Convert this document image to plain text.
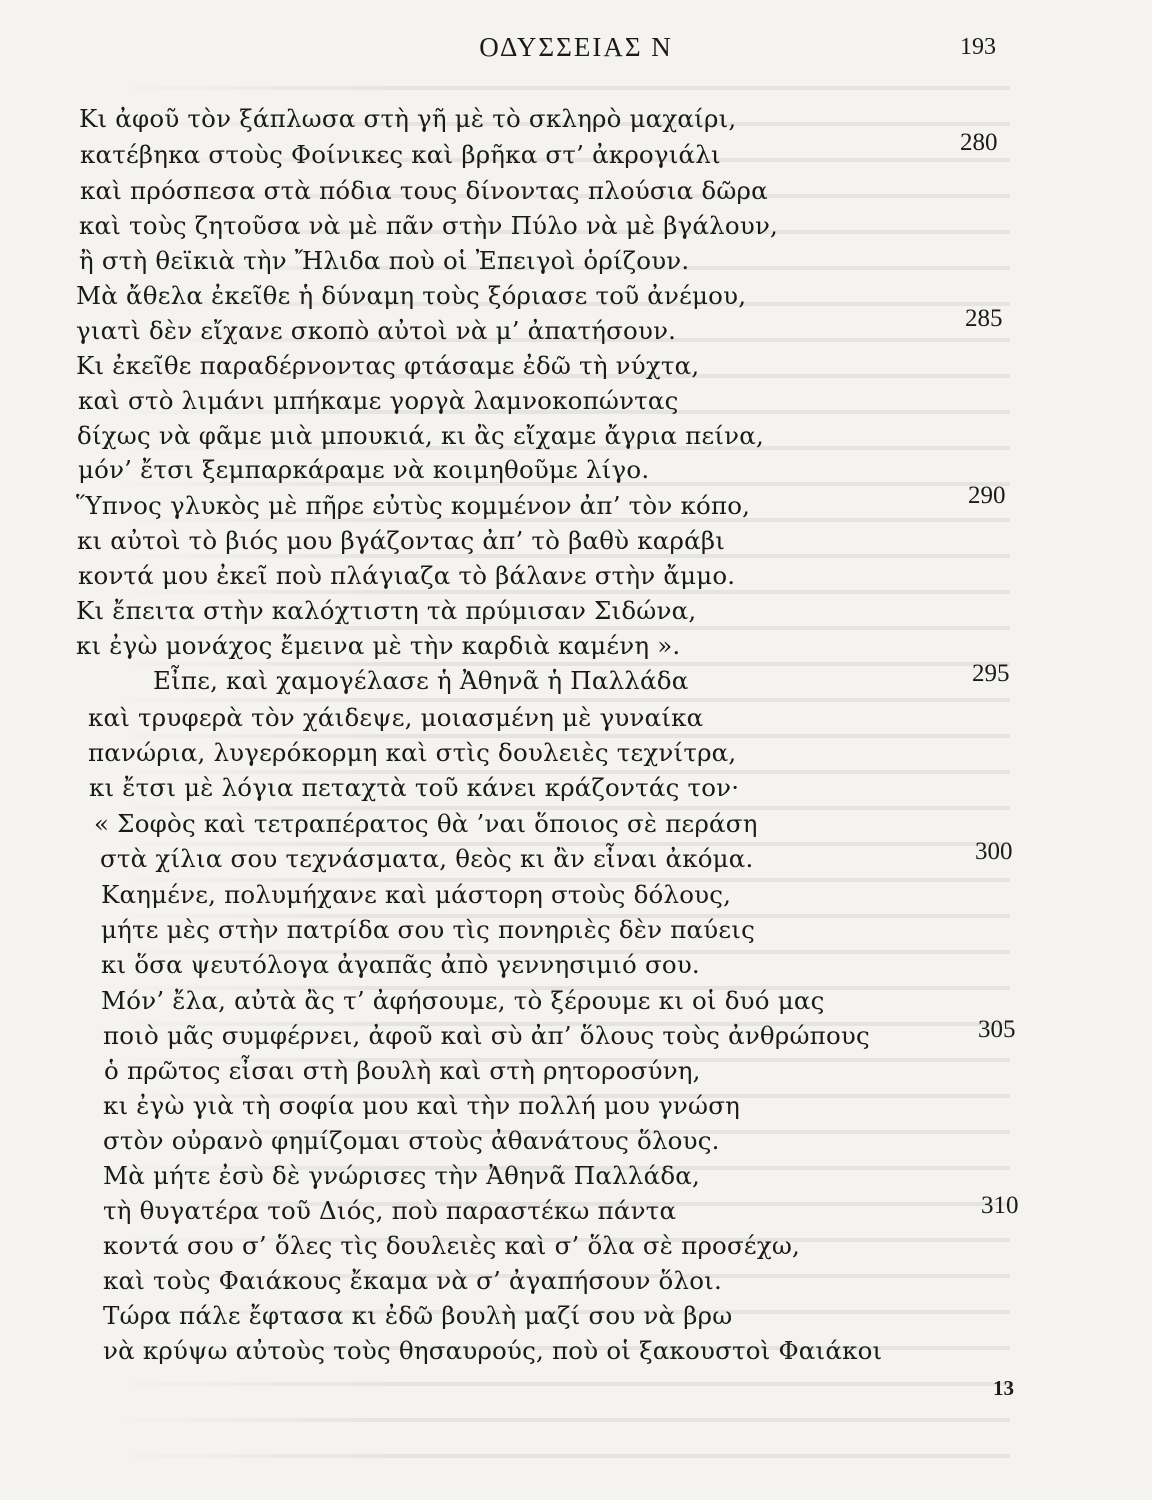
ΟΔΥΣΣΕΙΑΣ Ν	193
Κι ἀφοῦ τὸν ξάπλωσα στὴ γῆ μὲ τὸ σκληρὸ μαχαίρι,
κατέβηκα στοὺς Φοίνικες καὶ βρῆκα στ’ ἀκρογιάλι
καὶ πρόσπεσα στὰ πόδια τους δίνοντας πλούσια δῶρα
καὶ τοὺς ζητοῦσα νὰ μὲ πᾶν στὴν Πύλο νὰ μὲ βγάλουν,
ἢ στὴ θεϊκιὰ τὴν Ἤλιδα ποὺ οἱ Ἐπειγοὶ ὁρίζουν.
Μὰ ἄθελα ἐκεῖθε ἡ δύναμη τοὺς ξόριασε τοῦ ἀνέμου,
γιατὶ δὲν εἴχανε σκοπὸ αὐτοὶ νὰ μ’ ἀπατήσουν.
Κι ἐκεῖθε παραδέρνοντας φτάσαμε ἐδῶ τὴ νύχτα,
καὶ στὸ λιμάνι μπήκαμε γοργὰ λαμνοκοπώντας
δίχως νὰ φᾶμε μιὰ μπουκιά, κι ἂς εἴχαμε ἄγρια πείνα,
μόν’ ἔτσι ξεμπαρκάραμε νὰ κοιμηθοῦμε λίγο.
Ὕπνος γλυκὸς μὲ πῆρε εὐτὺς κομμένον ἀπ’ τὸν κόπο,
κι αὐτοὶ τὸ βιός μου βγάζοντας ἀπ’ τὸ βαθὺ καράβι
κοντά μου ἐκεῖ ποὺ πλάγιαζα τὸ βάλανε στὴν ἄμμο.
Κι ἔπειτα στὴν καλόχτιστη τὰ πρύμισαν Σιδώνα,
κι ἐγὼ μονάχος ἔμεινα μὲ τὴν καρδιὰ καμένη ».
Εἶπε, καὶ χαμογέλασε ἡ Ἀθηνᾶ ἡ Παλλάδα
καὶ τρυφερὰ τὸν χάιδεψε, μοιασμένη μὲ γυναίκα
πανώρια, λυγερόκορμη καὶ στὶς δουλειὲς τεχνίτρα,
κι ἔτσι μὲ λόγια πεταχτὰ τοῦ κάνει κράζοντάς τον·
« Σοφὸς καὶ τετραπέρατος θὰ ’ναι ὅποιος σὲ περάση
στὰ χίλια σου τεχνάσματα, θεὸς κι ἂν εἶναι ἀκόμα.
Καημένε, πολυμήχανε καὶ μάστορη στοὺς δόλους,
μήτε μὲς στὴν πατρίδα σου τὶς πονηριὲς δὲν παύεις
κι ὅσα ψευτόλογα ἀγαπᾶς ἀπὸ γεννησιμιό σου.
Μόν’ ἔλα, αὐτὰ ἂς τ’ ἀφήσουμε, τὸ ξέρουμε κι οἱ δυό μας
ποιὸ μᾶς συμφέρνει, ἀφοῦ καὶ σὺ ἀπ’ ὅλους τοὺς ἀνθρώπους
ὁ πρῶτος εἶσαι στὴ βουλὴ καὶ στὴ ρητοροσύνη,
κι ἐγὼ γιὰ τὴ σοφία μου καὶ τὴν πολλή μου γνώση
στὸν οὐρανὸ φημίζομαι στοὺς ἀθανάτους ὅλους.
Μὰ μήτε ἐσὺ δὲ γνώρισες τὴν Ἀθηνᾶ Παλλάδα,
τὴ θυγατέρα τοῦ Διός, ποὺ παραστέκω πάντα
κοντά σου σ’ ὅλες τὶς δουλειὲς καὶ σ’ ὅλα σὲ προσέχω,
καὶ τοὺς Φαιάκους ἔκαμα νὰ σ’ ἀγαπήσουν ὅλοι.
Τώρα πάλε ἔφτασα κι ἐδῶ βουλὴ μαζί σου νὰ βρω
νὰ κρύψω αὐτοὺς τοὺς θησαυρούς, ποὺ οἱ ξακουστοὶ Φαιάκοι
280
285
290
295
300
305
310
13
